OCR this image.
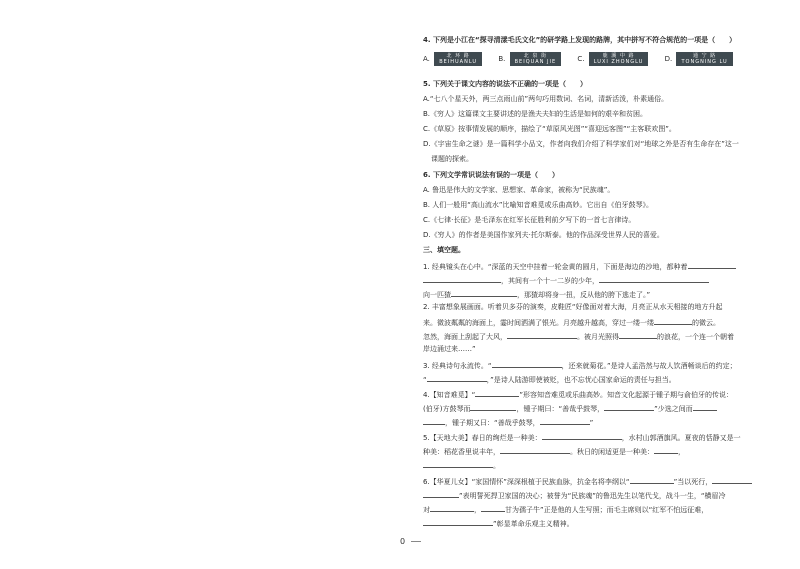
4. 下列是小江在“探寻清漾毛氏文化”的研学路上发现的路牌，其中拼写不符合规范的一项是（　　）
A.	北 环 路
BEIHUANLU	B.	北 泉 街
BEIQUAN JIE	C.	鹿 溪 中 路
LUXI ZHONGLU	D.	通 宁 路
TONGNING LU
5. 下列关于课文内容的说法不正确的一项是（　　）
A.“七八个星天外，两三点雨山前”两句巧用数词、名词，清新活泼，朴素通俗。
B.《穷人》这篇课文主要讲述的是渔夫夫妇的生活是如何的艰辛和贫困。
C.《草原》按事情发展的顺序，描绘了“草原风光图”“喜迎远客图”“主客联欢图”。
D.《宇宙生命之谜》是一篇科学小品文，作者向我们介绍了科学家们对“地球之外是否有生命存在”这一
课题的探索。
6. 下列文学常识说法有误的一项是（　　）
A. 鲁迅是伟大的文学家、思想家、革命家，被称为“民族魂”。
B. 人们一般用“高山流水”比喻知音难觅或乐曲高妙。它出自《伯牙鼓琴》。
C.《七律·长征》是毛泽东在红军长征胜利前夕写下的一首七言律诗。
D.《穷人》的作者是美国作家列夫·托尔斯泰。他的作品深受世界人民的喜爱。
三、填空题。
1. 经典镜头在心中。“深蓝的天空中挂着一轮金黄的圆月，下面是海边的沙地，都种着
，其间有一个十一二岁的少年，
向一匹猹	，那猹却将身一扭，反从他的胯下逃走了。”
2. 丰富想象展画面。听着贝多芬的演奏，皮鞋匠“好像面对着大海，月亮正从水天相接的地方升起
来。微波粼粼的海面上，霎时间洒满了银光。月亮越升越高，穿过一缕一缕	的微云。
忽然，海面上刮起了大风，	。被月光照得	的浪花，一个连一个朝着
岸边涌过来……”
3. 经典诗句永流传。“	，还来就菊花。”是诗人孟浩然与故人饮酒畅谈后的约定；
“	，”是诗人陆游即使被贬，也不忘忧心国家命运的责任与担当。
4.【知音难觅】“	”形容知音难觅或乐曲高妙。知音文化起源于锺子期与俞伯牙的传说：
(伯牙)方鼓琴而	，锺子期曰：“善哉乎鼓琴，	”少选之间而
，锺子期又曰：“善哉乎鼓琴，	”
5.【天地大美】春日的绚烂是一种美：	，水村山郭酒旗风。夏夜的恬静又是一
种美：稻花香里说丰年，	。秋日的闲适更是一种美：	，
。
6.【华夏儿女】“家国情怀”深深根植于民族血脉，抗金名将李纲以“	”当以死行，
”表明誓死捍卫家国的决心；被誉为“民族魂”的鲁迅先生以笔代戈，战斗一生，“横眉冷
对	，	甘为孺子牛”正是他的人生写照；而毛主席则以“红军不怕远征难，
”彰显革命乐观主义精神。
0
